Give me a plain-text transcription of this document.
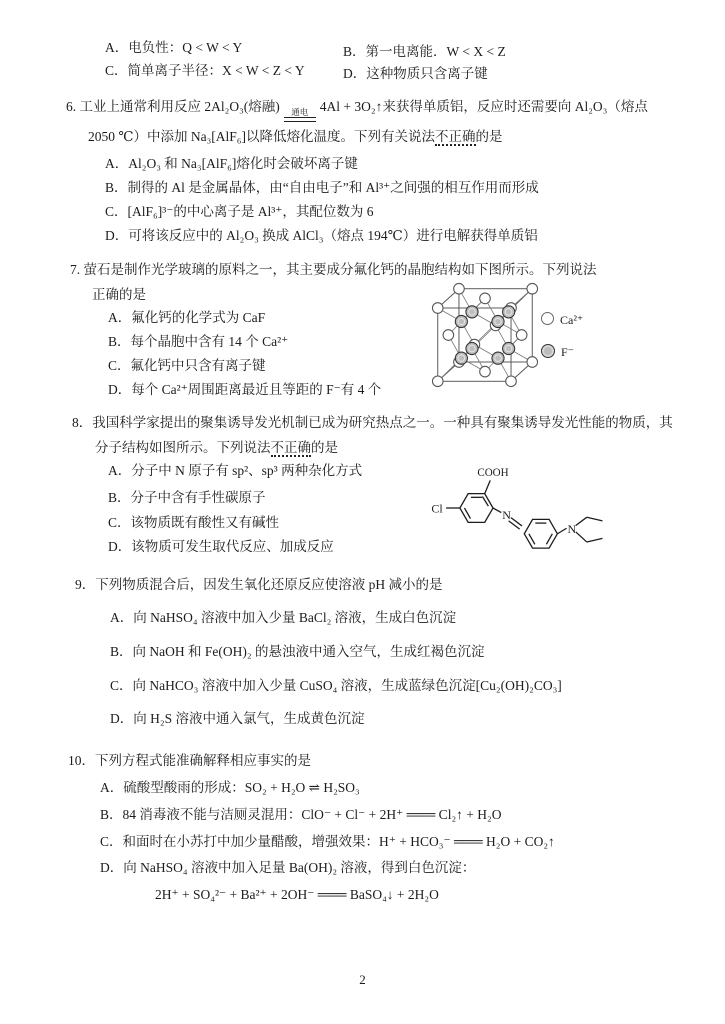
A．电负性：Q < W < Y	B．第一电离能．W < X < Z
C．简单离子半径：X < W < Z < Y	D．这种物质只含离子键
6. 工业上通常利用反应 2Al₂O₃(熔融)	通电 4Al + 3O₂↑来获得单质铝，反应时还需要向 Al₂O₃（熔点
2050 ℃）中添加 Na₃[AlF₆]以降低熔化温度。下列有关说法不正确的是
A．Al₂O₃ 和 Na₃[AlF₆]熔化时会破坏离子键
B．制得的 Al 是金属晶体，由“自由电子”和 Al³⁺之间强的相互作用而形成
C．[AlF₆]³⁻的中心离子是 Al³⁺，其配位数为 6
D．可将该反应中的 Al₂O₃ 换成 AlCl₃（熔点 194℃）进行电解获得单质铝
7. 萤石是制作光学玻璃的原料之一，其主要成分氟化钙的晶胞结构如下图所示。下列说法
正确的是
A．氟化钙的化学式为 CaF
B．每个晶胞中含有 14 个 Ca²⁺
C．氟化钙中只含有离子键
D．每个 Ca²⁺周围距离最近且等距的 F⁻有 4 个
Ca²⁺
F⁻
8．我国科学家提出的聚集诱导发光机制已成为研究热点之一。一种具有聚集诱导发光性能的物质，其
分子结构如图所示。下列说法不正确的是
A．分子中 N 原子有 sp²、sp³ 两种杂化方式
B．分子中含有手性碳原子
C．该物质既有酸性又有碱性
D．该物质可发生取代反应、加成反应
Cl
COOH
N
N
9．下列物质混合后，因发生氧化还原反应使溶液 pH 减小的是
A．向 NaHSO₄ 溶液中加入少量 BaCl₂ 溶液，生成白色沉淀
B．向 NaOH 和 Fe(OH)₂ 的悬浊液中通入空气，生成红褐色沉淀
C．向 NaHCO₃ 溶液中加入少量 CuSO₄ 溶液，生成蓝绿色沉淀[Cu₂(OH)₂CO₃]
D．向 H₂S 溶液中通入氯气，生成黄色沉淀
10．下列方程式能准确解释相应事实的是
A．硫酸型酸雨的形成：SO₂ + H₂O ⇌ H₂SO₃
B．84 消毒液不能与洁厕灵混用：ClO⁻ + Cl⁻ + 2H⁺ ═══ Cl₂↑ + H₂O
C．和面时在小苏打中加少量醋酸，增强效果：H⁺ + HCO₃⁻ ═══ H₂O + CO₂↑
D．向 NaHSO₄ 溶液中加入足量 Ba(OH)₂ 溶液，得到白色沉淀：
2H⁺ + SO₄²⁻ + Ba²⁺ + 2OH⁻ ═══ BaSO₄↓ + 2H₂O
2
